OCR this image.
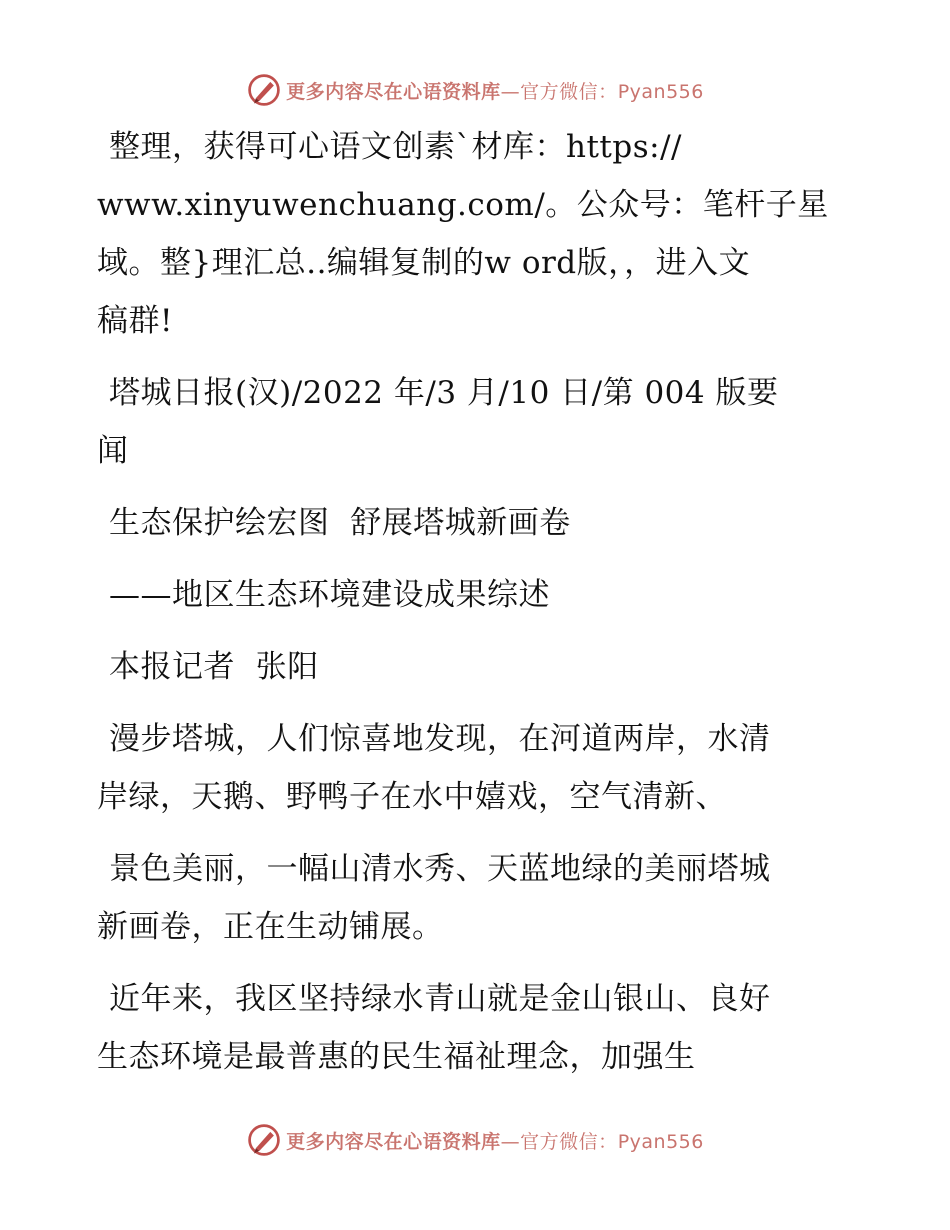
更多内容尽在心语资料库—官方微信：Pyan556

整理，获得可心语文创素`材库：https://
www.xinyuwenchuang.com/。公众号：笔杆子星
域。整}理汇总..编辑复制的w ord版，，进入文
稿群!

塔城日报(汉)/2022 年/3 月/10 日/第 004 版要
闻

生态保护绘宏图  舒展塔城新画卷

——地区生态环境建设成果综述

本报记者  张阳

漫步塔城，人们惊喜地发现，在河道两岸，水清
岸绿，天鹅、野鸭子在水中嬉戏，空气清新、

景色美丽，一幅山清水秀、天蓝地绿的美丽塔城
新画卷，正在生动铺展。

近年来，我区坚持绿水青山就是金山银山、良好
生态环境是最普惠的民生福祉理念，加强生

更多内容尽在心语资料库—官方微信：Pyan556
